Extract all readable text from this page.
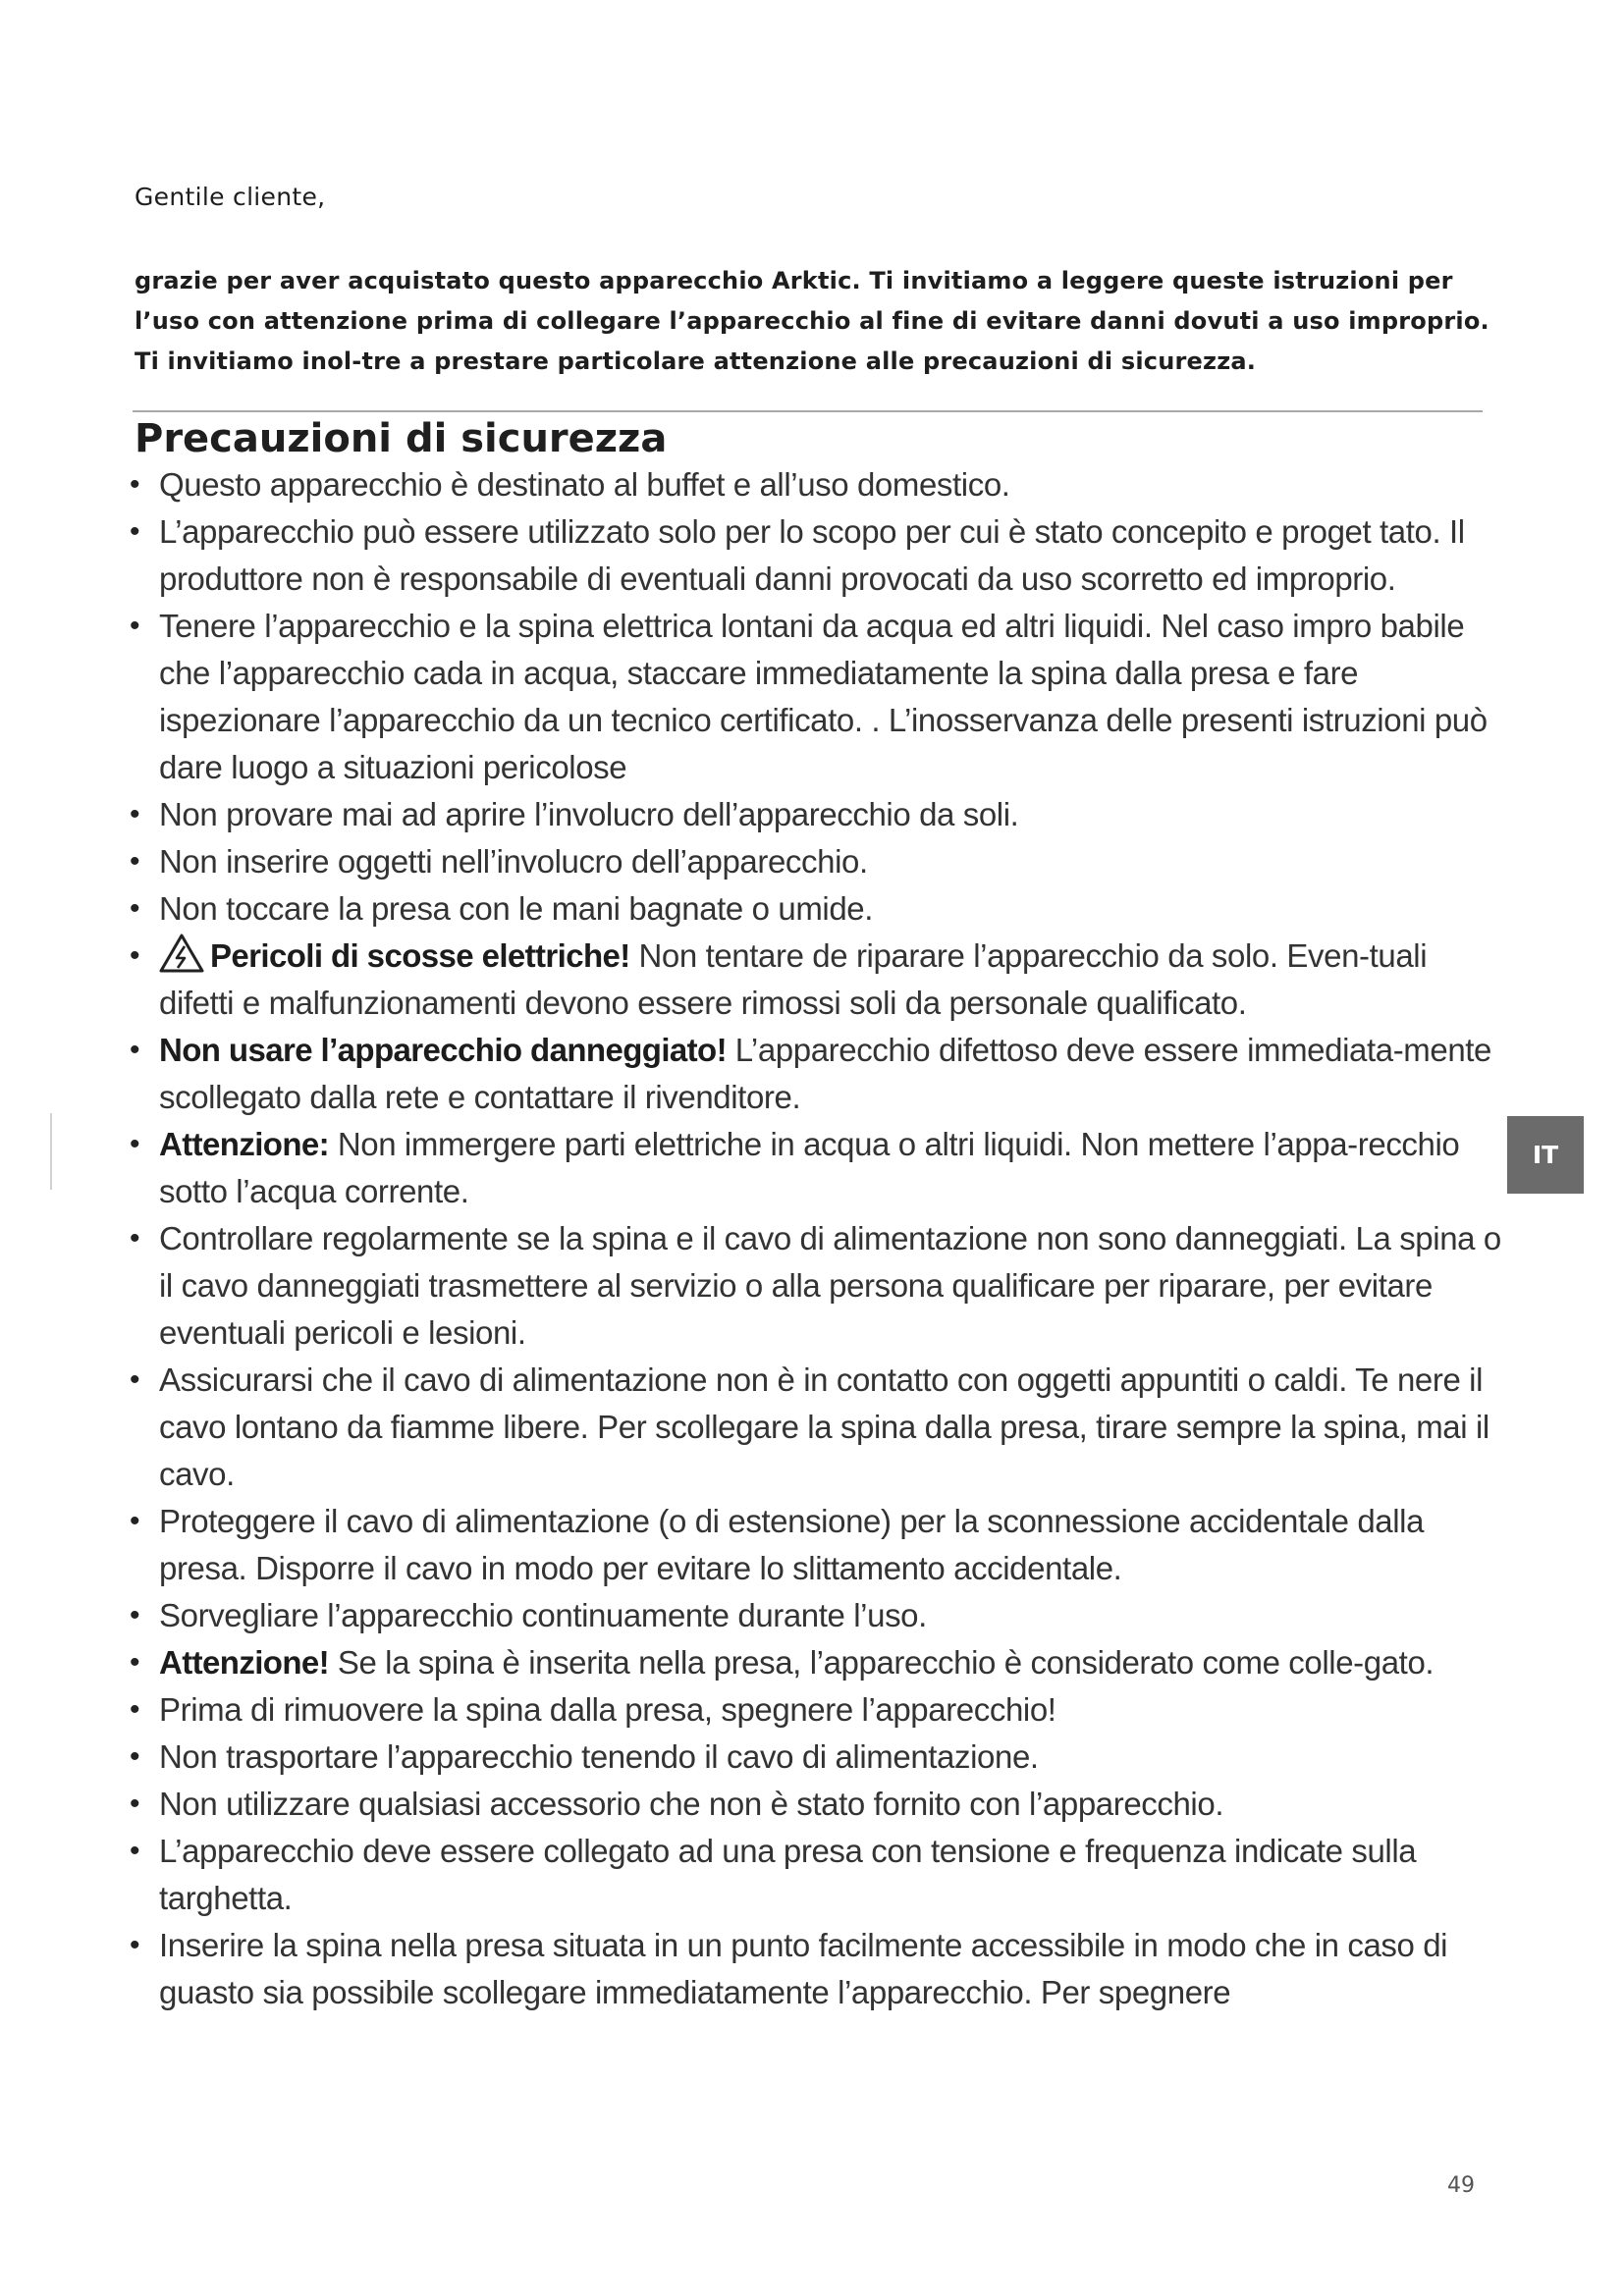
Gentile cliente,
grazie per aver acquistato questo apparecchio Arktic. Ti invitiamo a leggere queste istruzioni per l’uso con attenzione prima di collegare l’apparecchio al fine di evitare danni dovuti a uso improprio. Ti invitiamo inol-tre a prestare particolare attenzione alle precauzioni di sicurezza.
Precauzioni di sicurezza
• Questo apparecchio è destinato al buffet e all’uso domestico.
• L’apparecchio può essere utilizzato solo per lo scopo per cui è stato concepito e proget tato. Il produttore non è responsabile di eventuali danni provocati da uso scorretto ed improprio.
• Tenere l’apparecchio e la spina elettrica lontani da acqua ed altri liquidi. Nel caso impro babile che l’apparecchio cada in acqua, staccare immediatamente la spina dalla presa e fare ispezionare l’apparecchio da un tecnico certificato. . L’inosservanza delle presenti istruzioni può dare luogo a situazioni pericolose
• Non provare mai ad aprire l’involucro dell’apparecchio da soli.
• Non inserire oggetti nell’involucro dell’apparecchio.
• Non toccare la presa con le mani bagnate o umide.
• Pericoli di scosse elettriche! Non tentare de riparare l’apparecchio da solo. Even-tuali difetti e malfunzionamenti devono essere rimossi soli da personale qualificato.
• Non usare l’apparecchio danneggiato! L’apparecchio difettoso deve essere immediata-mente scollegato dalla rete e contattare il rivenditore.
• Attenzione: Non immergere parti elettriche in acqua o altri liquidi. Non mettere l’appa-recchio sotto l’acqua corrente.
• Controllare regolarmente se la spina e il cavo di alimentazione non sono danneggiati. La spina o il cavo danneggiati trasmettere al servizio o alla persona qualificare per riparare, per evitare eventuali pericoli e lesioni.
• Assicurarsi che il cavo di alimentazione non è in contatto con oggetti appuntiti o caldi. Te nere il cavo lontano da fiamme libere. Per scollegare la spina dalla presa, tirare sempre la spina, mai il cavo.
• Proteggere il cavo di alimentazione (o di estensione) per la sconnessione accidentale dalla presa. Disporre il cavo in modo per evitare lo slittamento accidentale.
• Sorvegliare l’apparecchio continuamente durante l’uso.
• Attenzione! Se la spina è inserita nella presa, l’apparecchio è considerato come colle-gato.
• Prima di rimuovere la spina dalla presa, spegnere l’apparecchio!
• Non trasportare l’apparecchio tenendo il cavo di alimentazione.
• Non utilizzare qualsiasi accessorio che non è stato fornito con l’apparecchio.
• L’apparecchio deve essere collegato ad una presa con tensione e frequenza indicate sulla targhetta.
• Inserire la spina nella presa situata in un punto facilmente accessibile in modo che in caso di guasto sia possibile scollegare immediatamente l’apparecchio. Per spegnere
IT
49
